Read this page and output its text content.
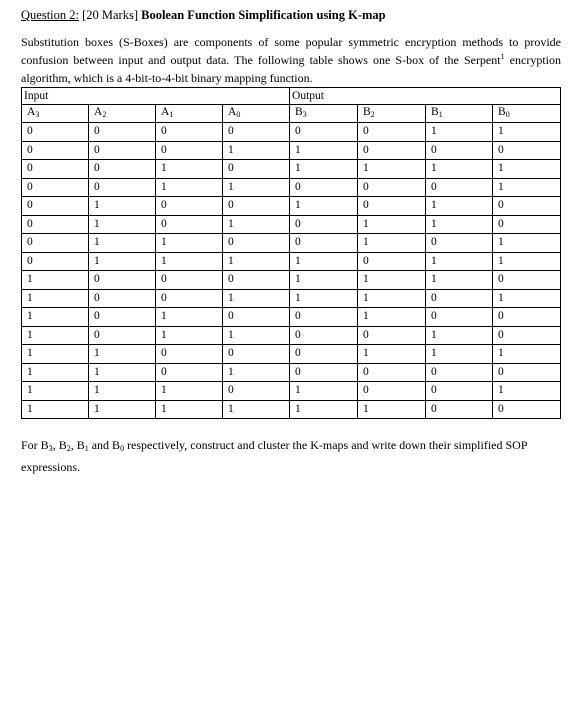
Question 2: [20 Marks] Boolean Function Simplification using K-map
Substitution boxes (S-Boxes) are components of some popular symmetric encryption methods to provide confusion between input and output data. The following table shows one S-box of the Serpent$^1$ encryption algorithm, which is a 4-bit-to-4-bit binary mapping function.
Input				Output			
$A_3$	$A_2$	$A_1$	$A_0$	$B_3$	$B_2$	$B_1$	$B_0$
0	0	0	0	0	0	1	1
0	0	0	1	1	0	0	0
0	0	1	0	1	1	1	1
0	0	1	1	0	0	0	1
0	1	0	0	1	0	1	0
0	1	0	1	0	1	1	0
0	1	1	0	0	1	0	1
0	1	1	1	1	0	1	1
1	0	0	0	1	1	1	0
1	0	0	1	1	1	0	1
1	0	1	0	0	1	0	0
1	0	1	1	0	0	1	0
1	1	0	0	0	1	1	1
1	1	0	1	0	0	0	0
1	1	1	0	1	0	0	1
1	1	1	1	1	1	0	0
For $B_3$, $B_2$, $B_1$ and $B_0$ respectively, construct and cluster the K-maps and write down their simplified SOP expressions.
